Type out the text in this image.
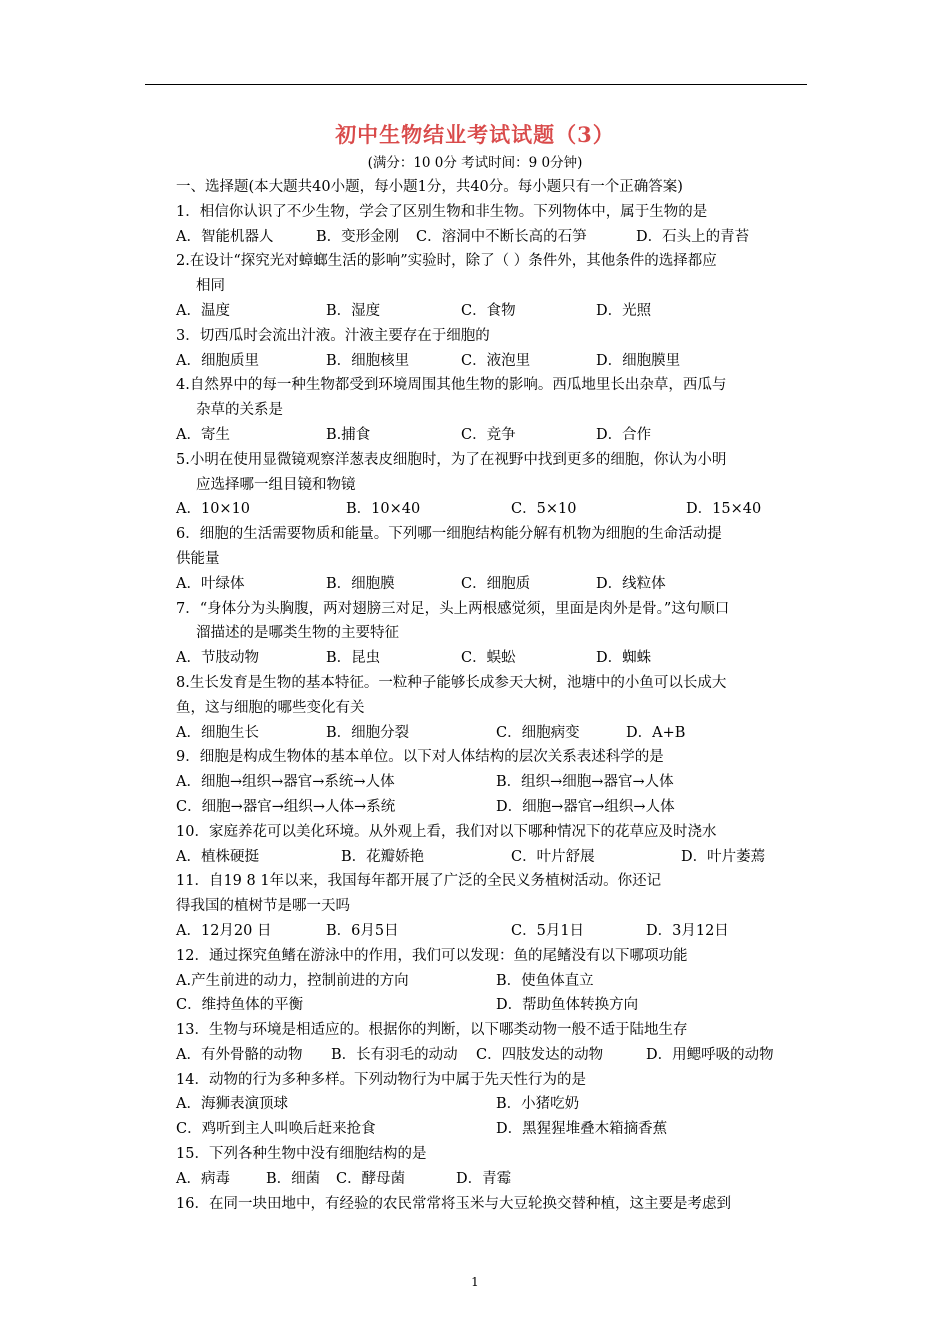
初中生物结业考试试题（3）
(满分：10 0分 考试时间：9 0分钟)
一、选择题(本大题共40小题，每小题1分，共40分。每小题只有一个正确答案)
1．相信你认识了不少生物，学会了区别生物和非生物。下列物体中，属于生物的是
A．智能机器人	B．变形金刚 C．溶洞中不断长高的石笋	D．石头上的青苔
2.在设计“探究光对蟑螂生活的影响”实验时，除了（ ）条件外，其他条件的选择都应
相同
A．温度	B．湿度	C．食物	D．光照
3．切西瓜时会流出汁液。汁液主要存在于细胞的
A．细胞质里	B．细胞核里	C．液泡里	D．细胞膜里
4.自然界中的每一种生物都受到环境周围其他生物的影响。西瓜地里长出杂草，西瓜与
杂草的关系是
A．寄生	B.捕食	C．竞争	D．合作
5.小明在使用显微镜观察洋葱表皮细胞时，为了在视野中找到更多的细胞，你认为小明
应选择哪一组目镜和物镜
A．10×10	B．10×40	C．5×10	D．15×40
6．细胞的生活需要物质和能量。下列哪一细胞结构能分解有机物为细胞的生命活动提
供能量
A．叶绿体	B．细胞膜	C．细胞质	D．线粒体
7．“身体分为头胸腹，两对翅膀三对足，头上两根感觉须，里面是肉外是骨。”这句顺口
溜描述的是哪类生物的主要特征
A．节肢动物	B．昆虫	C．蜈蚣	D．蜘蛛
8.生长发育是生物的基本特征。一粒种子能够长成参天大树，池塘中的小鱼可以长成大
鱼，这与细胞的哪些变化有关
A．细胞生长	B．细胞分裂	C．细胞病变	D．A+B
9．细胞是构成生物体的基本单位。以下对人体结构的层次关系表述科学的是
A．细胞→组织→器官→系统→人体	B．组织→细胞→器官→人体
C．细胞→器官→组织→人体→系统	D．细胞→器官→组织→人体
10．家庭养花可以美化环境。从外观上看，我们对以下哪种情况下的花草应及时浇水
A．植株硬挺	B．花瓣娇艳	C．叶片舒展	D．叶片萎蔫
11．自19 8 1年以来，我国每年都开展了广泛的全民义务植树活动。你还记
得我国的植树节是哪一天吗
A．12月20 日	B．6月5日	C．5月1日	D．3月12日
12．通过探究鱼鳍在游泳中的作用，我们可以发现：鱼的尾鳍没有以下哪项功能
A.产生前进的动力，控制前进的方向	B．使鱼体直立
C．维持鱼体的平衡	D．帮助鱼体转换方向
13．生物与环境是相适应的。根据你的判断，以下哪类动物一般不适于陆地生存
A．有外骨骼的动物 B．长有羽毛的动动 C．四肢发达的动物	D．用鳃呼吸的动物
14．动物的行为多种多样。下列动物行为中属于先天性行为的是
A．海狮表演顶球	B．小猪吃奶
C．鸡听到主人叫唤后赶来抢食	D．黑猩猩堆叠木箱摘香蕉
15．下列各种生物中没有细胞结构的是
A．病毒 B．细菌 C．酵母菌	D．青霉
16．在同一块田地中，有经验的农民常常将玉米与大豆轮换交替种植，这主要是考虑到
1
